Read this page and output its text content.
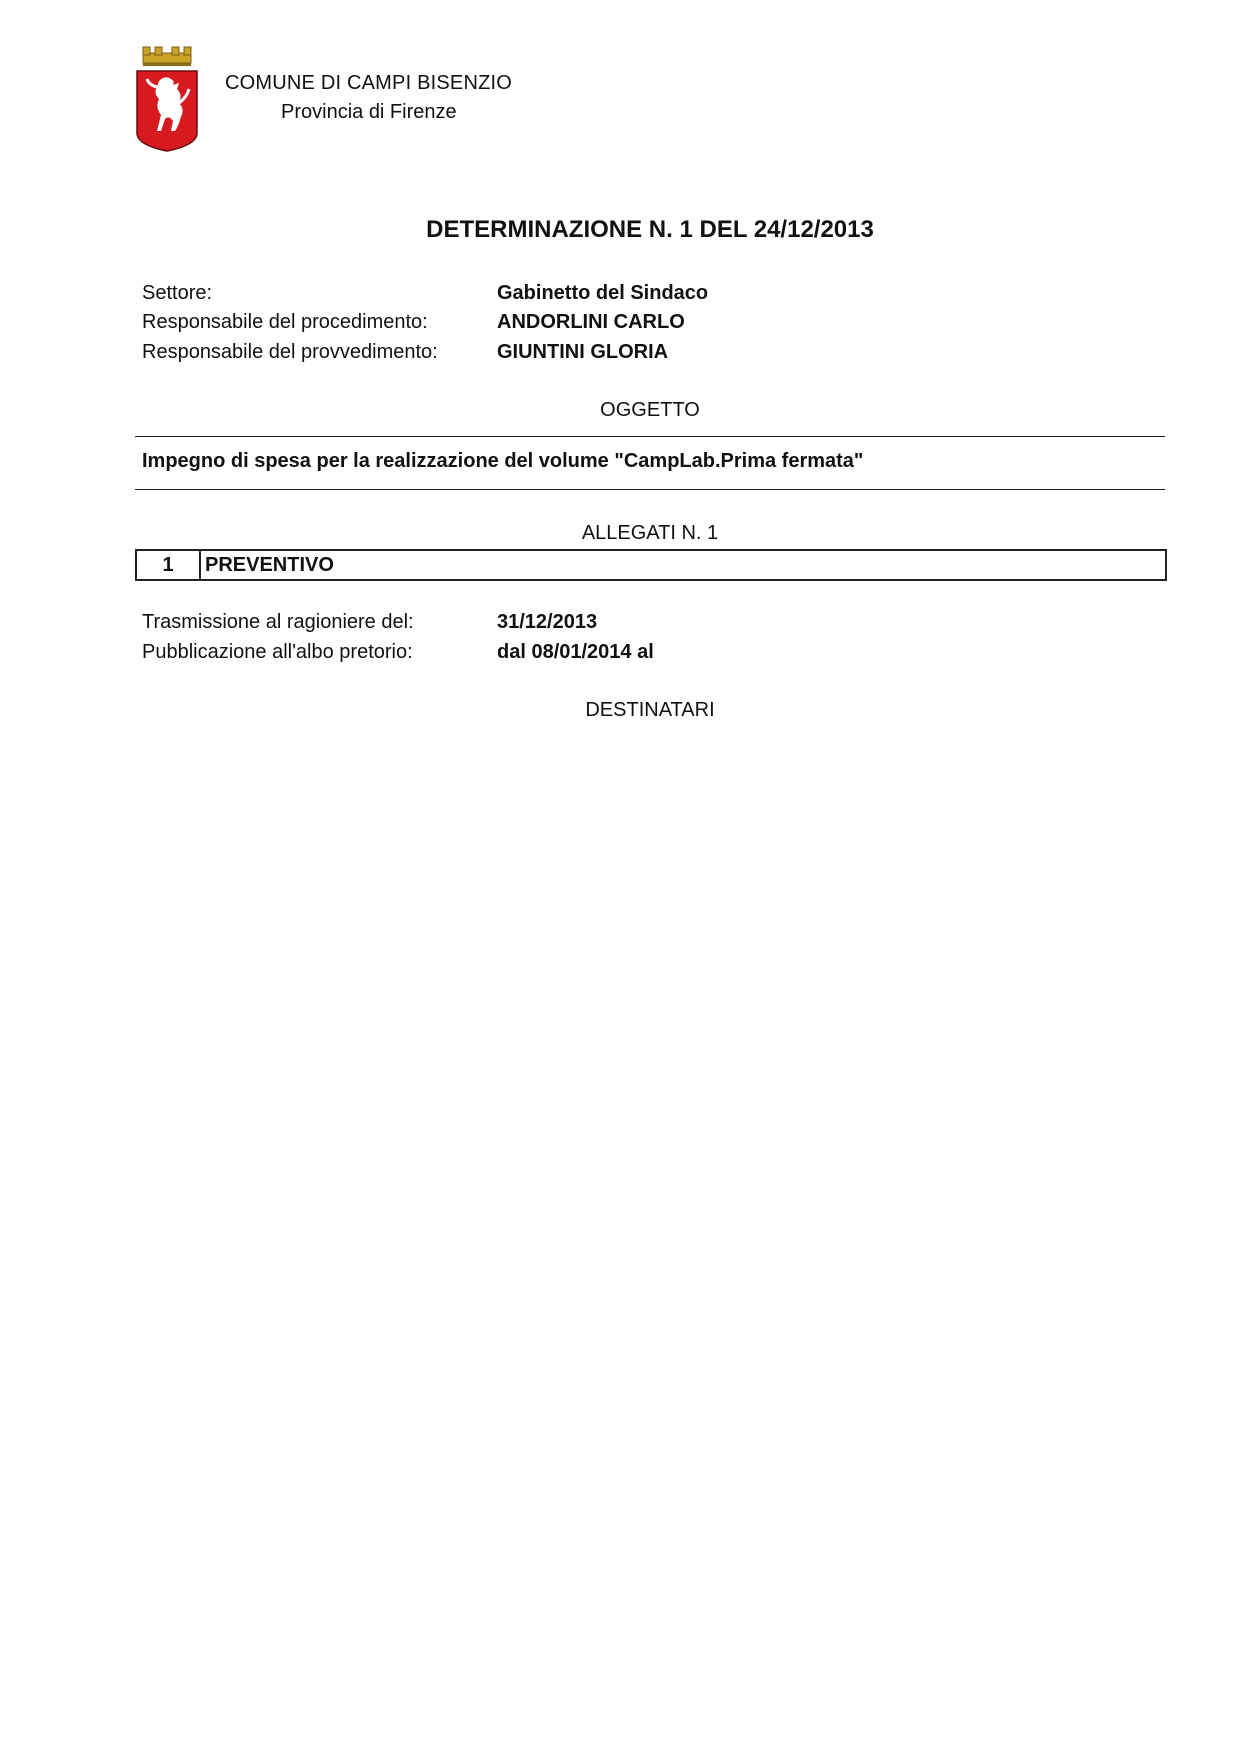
COMUNE DI CAMPI BISENZIO
Provincia di Firenze
DETERMINAZIONE N. 1 DEL 24/12/2013
Settore:	Gabinetto del Sindaco
Responsabile del procedimento:	ANDORLINI CARLO
Responsabile del provvedimento:	GIUNTINI GLORIA
OGGETTO
Impegno di spesa per la realizzazione del volume "CampLab.Prima fermata"
ALLEGATI N. 1
1	PREVENTIVO
Trasmissione al ragioniere del:	31/12/2013
Pubblicazione all'albo pretorio:	dal 08/01/2014 al
DESTINATARI
